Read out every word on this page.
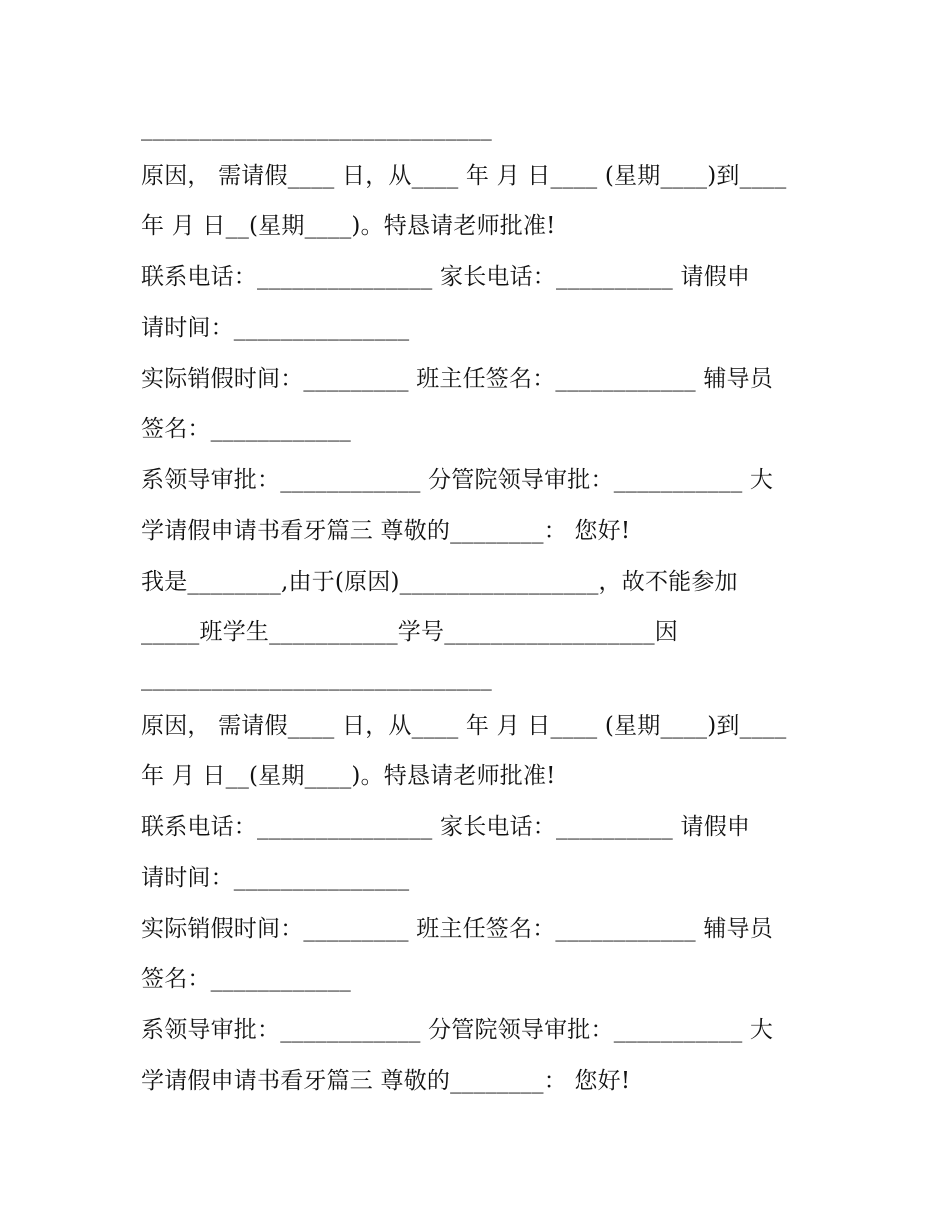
______________________________
原因， 需请假____ 日，从____ 年 月 日____ (星期____)到____
年 月 日__(星期____)。特恳请老师批准!
联系电话：_______________ 家长电话：__________ 请假申
请时间：_______________
实际销假时间：_________ 班主任签名：____________ 辅导员
签名：____________
系领导审批：____________ 分管院领导审批：___________ 大
学请假申请书看牙篇三 尊敬的________： 您好!
我是________,由于(原因)_________________，故不能参加
_____班学生___________学号__________________因
______________________________
原因， 需请假____ 日，从____ 年 月 日____ (星期____)到____
年 月 日__(星期____)。特恳请老师批准!
联系电话：_______________ 家长电话：__________ 请假申
请时间：_______________
实际销假时间：_________ 班主任签名：____________ 辅导员
签名：____________
系领导审批：____________ 分管院领导审批：___________ 大
学请假申请书看牙篇三 尊敬的________： 您好!
